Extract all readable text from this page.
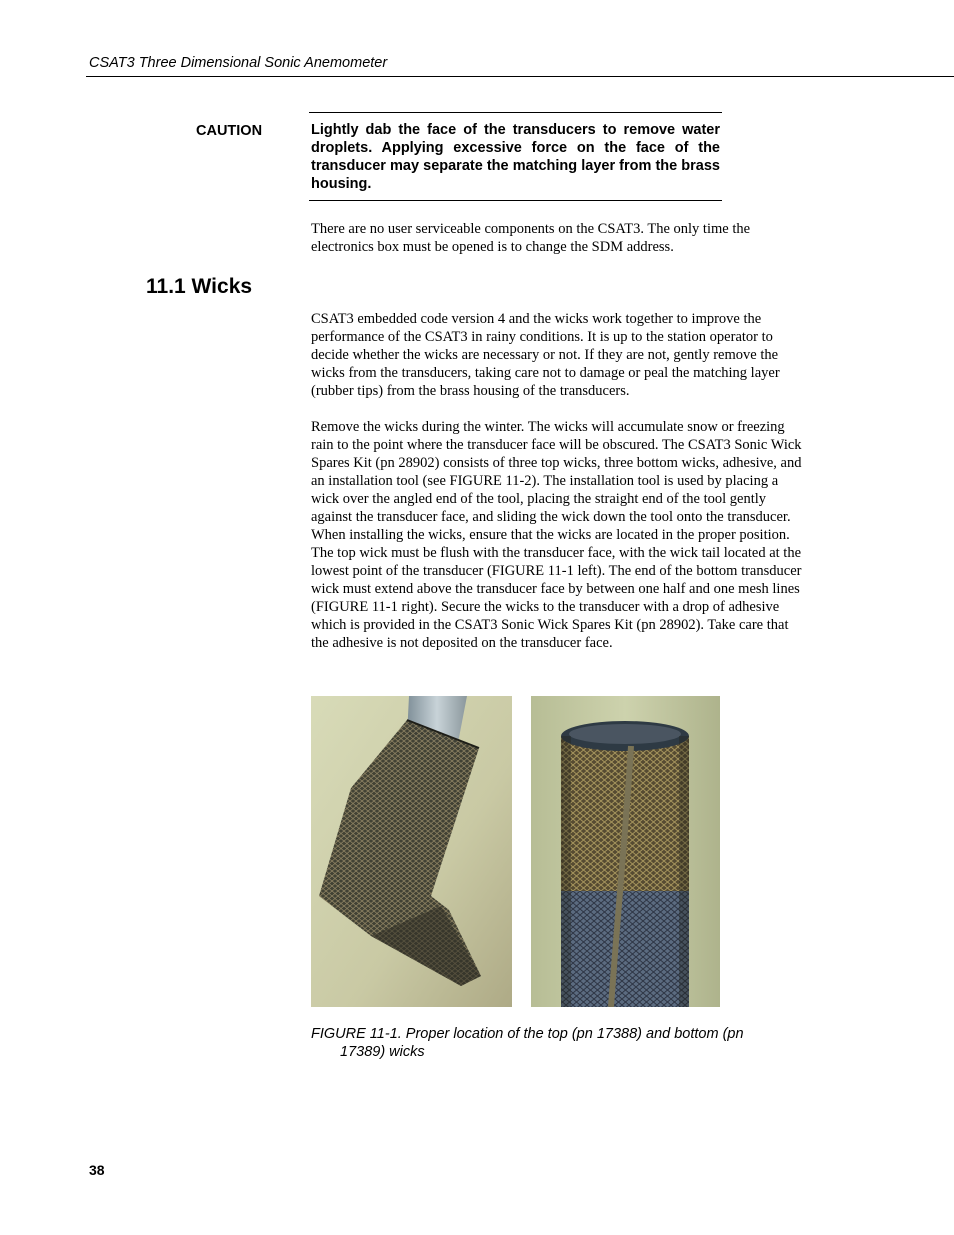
CSAT3 Three Dimensional Sonic Anemometer
CAUTION	Lightly dab the face of the transducers to remove water droplets. Applying excessive force on the face of the transducer may separate the matching layer from the brass housing.

There are no user serviceable components on the CSAT3. The only time the electronics box must be opened is to change the SDM address.

11.1 Wicks

CSAT3 embedded code version 4 and the wicks work together to improve the performance of the CSAT3 in rainy conditions. It is up to the station operator to decide whether the wicks are necessary or not. If they are not, gently remove the wicks from the transducers, taking care not to damage or peal the matching layer (rubber tips) from the brass housing of the transducers.

Remove the wicks during the winter. The wicks will accumulate snow or freezing rain to the point where the transducer face will be obscured. The CSAT3 Sonic Wick Spares Kit (pn 28902) consists of three top wicks, three bottom wicks, adhesive, and an installation tool (see FIGURE 11-2). The installation tool is used by placing a wick over the angled end of the tool, placing the straight end of the tool gently against the transducer face, and sliding the wick down the tool onto the transducer. When installing the wicks, ensure that the wicks are located in the proper position. The top wick must be flush with the transducer face, with the wick tail located at the lowest point of the transducer (FIGURE 11-1 left). The end of the bottom transducer wick must extend above the transducer face by between one half and one mesh lines (FIGURE 11-1 right). Secure the wicks to the transducer with a drop of adhesive which is provided in the CSAT3 Sonic Wick Spares Kit (pn 28902). Take care that the adhesive is not deposited on the transducer face.

FIGURE 11-1. Proper location of the top (pn 17388) and bottom (pn
17389) wicks

38
